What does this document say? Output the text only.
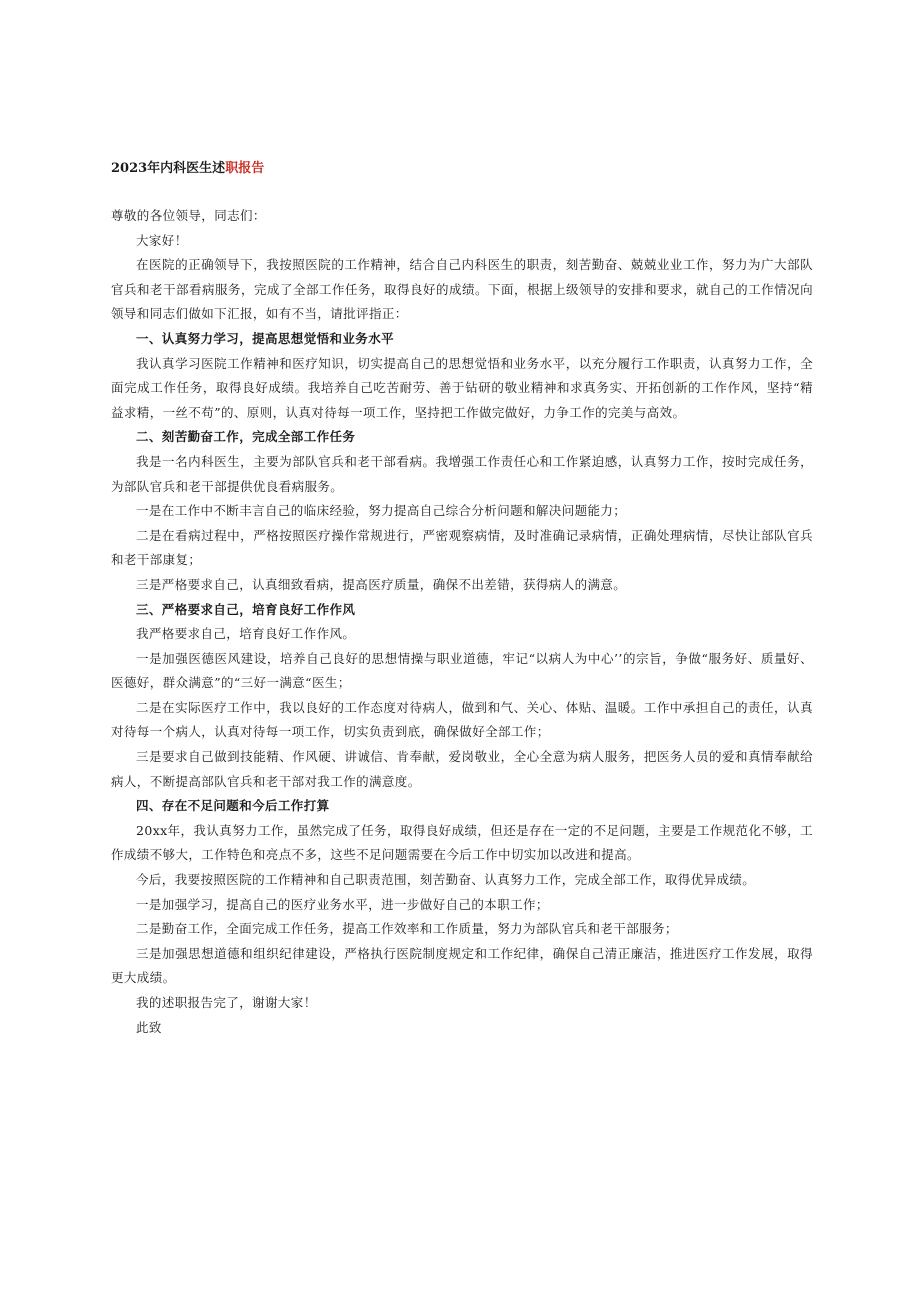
2023年内科医生述职报告

尊敬的各位领导，同志们：

大家好！

在医院的正确领导下，我按照医院的工作精神，结合自己内科医生的职责，刻苦勤奋、兢兢业业工作，努力为广大部队官兵和老干部看病服务，完成了全部工作任务，取得良好的成绩。下面，根据上级领导的安排和要求，就自己的工作情况向领导和同志们做如下汇报，如有不当，请批评指正：

一、认真努力学习，提高思想觉悟和业务水平

我认真学习医院工作精神和医疗知识，切实提高自己的思想觉悟和业务水平，以充分履行工作职责，认真努力工作，全面完成工作任务，取得良好成绩。我培养自己吃苦耐劳、善于钻研的敬业精神和求真务实、开拓创新的工作作风，坚持“精益求精，一丝不苟”的、原则，认真对待每一项工作，坚持把工作做完做好，力争工作的完美与高效。

二、刻苦勤奋工作，完成全部工作任务

我是一名内科医生，主要为部队官兵和老干部看病。我增强工作责任心和工作紧迫感，认真努力工作，按时完成任务，为部队官兵和老干部提供优良看病服务。

一是在工作中不断丰言自己的临床经验，努力提高自己综合分析问题和解决问题能力；

二是在看病过程中，严格按照医疗操作常规进行，严密观察病情，及时准确记录病情，正确处理病情，尽快让部队官兵和老干部康复；

三是严格要求自己，认真细致看病，提高医疗质量，确保不出差错，获得病人的满意。

三、严格要求自己，培育良好工作作风

我严格要求自己，培育良好工作作风。

一是加强医德医风建设，培养自己良好的思想情操与职业道德，牢记“以病人为中心’’的宗旨，争做“服务好、质量好、医德好，群众满意”的“三好一满意“医生；

二是在实际医疗工作中，我以良好的工作态度对待病人，做到和气、关心、体贴、温暖。工作中承担自己的责任，认真对待每一个病人，认真对待每一项工作，切实负责到底，确保做好全部工作；

三是要求自己做到技能精、作风硬、讲诚信、肯奉献，爱岗敬业，全心全意为病人服务，把医务人员的爱和真情奉献给病人，不断提高部队官兵和老干部对我工作的满意度。

四、存在不足问题和今后工作打算

20xx年，我认真努力工作，虽然完成了任务，取得良好成绩，但还是存在一定的不足问题，主要是工作规范化不够，工作成绩不够大，工作特色和亮点不多，这些不足问题需要在今后工作中切实加以改进和提高。

今后，我要按照医院的工作精神和自己职责范围，刻苦勤奋、认真努力工作，完成全部工作，取得优异成绩。

一是加强学习，提高自己的医疗业务水平，进一步做好自己的本职工作；

二是勤奋工作，全面完成工作任务，提高工作效率和工作质量，努力为部队官兵和老干部服务；

三是加强思想道德和组织纪律建设，严格执行医院制度规定和工作纪律，确保自己清正廉洁，推进医疗工作发展，取得更大成绩。

我的述职报告完了，谢谢大家！

此致
